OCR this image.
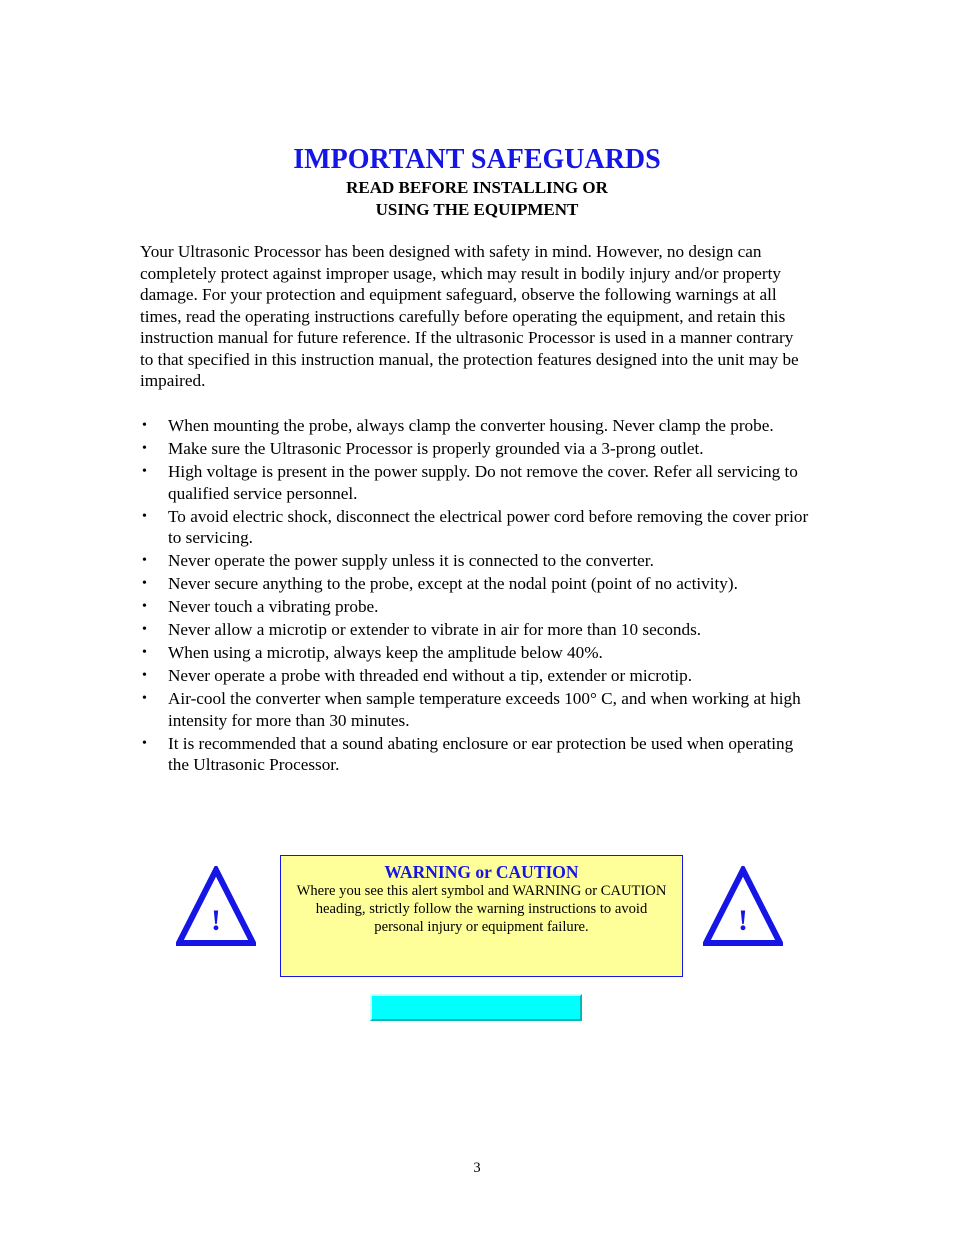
IMPORTANT SAFEGUARDS
READ BEFORE INSTALLING OR
USING THE EQUIPMENT

Your Ultrasonic Processor has been designed with safety in mind. However, no design can completely protect against improper usage, which may result in bodily injury and/or property damage. For your protection and equipment safeguard, observe the following warnings at all times, read the operating instructions carefully before operating the equipment, and retain this instruction manual for future reference. If the ultrasonic Processor is used in a manner contrary to that specified in this instruction manual, the protection features designed into the unit may be impaired.

• When mounting the probe, always clamp the converter housing. Never clamp the probe.
• Make sure the Ultrasonic Processor is properly grounded via a 3-prong outlet.
• High voltage is present in the power supply. Do not remove the cover. Refer all servicing to qualified service personnel.
• To avoid electric shock, disconnect the electrical power cord before removing the cover prior to servicing.
• Never operate the power supply unless it is connected to the converter.
• Never secure anything to the probe, except at the nodal point (point of no activity).
• Never touch a vibrating probe.
• Never allow a microtip or extender to vibrate in air for more than 10 seconds.
• When using a microtip, always keep the amplitude below 40%.
• Never operate a probe with threaded end without a tip, extender or microtip.
• Air-cool the converter when sample temperature exceeds 100° C, and when working at high intensity for more than 30 minutes.
• It is recommended that a sound abating enclosure or ear protection be used when operating the Ultrasonic Processor.
!
WARNING or CAUTION
Where you see this alert symbol and WARNING or CAUTION heading, strictly follow the warning instructions to avoid personal injury or equipment failure.	!
3
